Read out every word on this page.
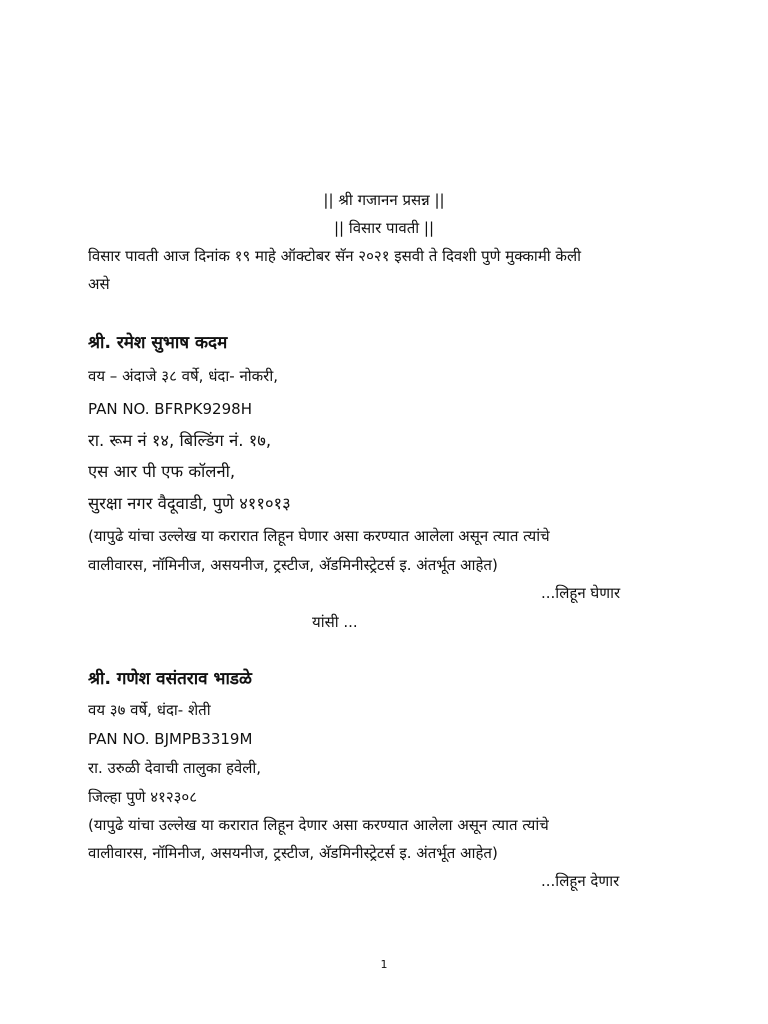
|| श्री गजानन प्रसन्न ||
|| विसार पावती ||
विसार पावती आज दिनांक १९ माहे ऑक्टोबर सॅन २०२१ इसवी ते दिवशी पुणे मुक्कामी केली
असे
श्री. रमेश सुभाष कदम
वय – अंदाजे ३८ वर्षे, धंदा- नोकरी,
PAN NO. BFRPK9298H
रा. रूम नं १४, बिल्डिंग नं. १७,
एस आर पी एफ कॉलनी,
सुरक्षा नगर वैदूवाडी, पुणे ४११०१३
(यापुढे यांचा उल्लेख या करारात लिहून घेणार असा करण्यात आलेला असून त्यात त्यांचे
वालीवारस, नॉमिनीज, असयनीज, ट्रस्टीज, अ‍ॅडमिनीस्ट्रेटर्स इ. अंतर्भूत आहेत)
...लिहून घेणार
यांसी ...
श्री. गणेश वसंतराव भाडळे
वय ३७ वर्षे, धंदा- शेती
PAN NO. BJMPB3319M
रा. उरुळी देवाची तालुका हवेली,
जिल्हा पुणे ४१२३०८
(यापुढे यांचा उल्लेख या करारात लिहून देणार असा करण्यात आलेला असून त्यात त्यांचे
वालीवारस, नॉमिनीज, असयनीज, ट्रस्टीज, अ‍ॅडमिनीस्ट्रेटर्स इ. अंतर्भूत आहेत)
...लिहून देणार
1
